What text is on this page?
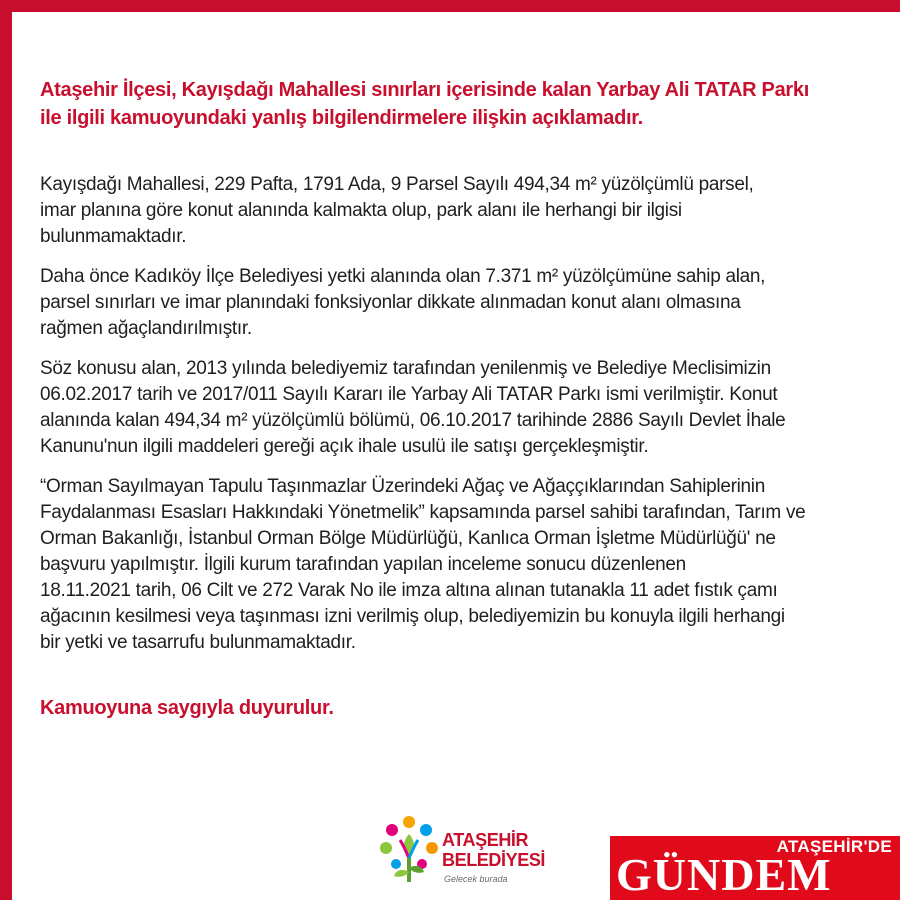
Ataşehir İlçesi, Kayışdağı Mahallesi sınırları içerisinde kalan Yarbay Ali TATAR Parkı
ile ilgili kamuoyundaki yanlış bilgilendirmelere ilişkin açıklamadır.
Kayışdağı Mahallesi, 229 Pafta, 1791 Ada, 9 Parsel Sayılı 494,34 m² yüzölçümlü parsel,
imar planına göre konut alanında kalmakta olup, park alanı ile herhangi bir ilgisi
bulunmamaktadır.
Daha önce Kadıköy İlçe Belediyesi yetki alanında olan 7.371 m² yüzölçümüne sahip alan,
parsel sınırları ve imar planındaki fonksiyonlar dikkate alınmadan konut alanı olmasına
rağmen ağaçlandırılmıştır.
Söz konusu alan, 2013 yılında belediyemiz tarafından yenilenmiş ve Belediye Meclisimizin
06.02.2017 tarih ve 2017/011 Sayılı Kararı ile Yarbay Ali TATAR Parkı ismi verilmiştir. Konut
alanında kalan 494,34 m² yüzölçümlü bölümü, 06.10.2017 tarihinde 2886 Sayılı Devlet İhale
Kanunu'nun ilgili maddeleri gereği açık ihale usulü ile satışı gerçekleşmiştir.
“Orman Sayılmayan Tapulu Taşınmazlar Üzerindeki Ağaç ve Ağaççıklarından Sahiplerinin
Faydalanması Esasları Hakkındaki Yönetmelik” kapsamında parsel sahibi tarafından, Tarım ve
Orman Bakanlığı, İstanbul Orman Bölge Müdürlüğü, Kanlıca Orman İşletme Müdürlüğü' ne
başvuru yapılmıştır. İlgili kurum tarafından yapılan inceleme sonucu düzenlenen
18.11.2021 tarih, 06 Cilt ve 272 Varak No ile imza altına alınan tutanakla 11 adet fıstık çamı
ağacının kesilmesi veya taşınması izni verilmiş olup, belediyemizin bu konuyla ilgili herhangi
bir yetki ve tasarrufu bulunmamaktadır.
Kamuoyuna saygıyla duyurulur.
ATAŞEHİR
BELEDİYESİ
Gelecek burada
ATAŞEHİR'DE
GÜNDEM
